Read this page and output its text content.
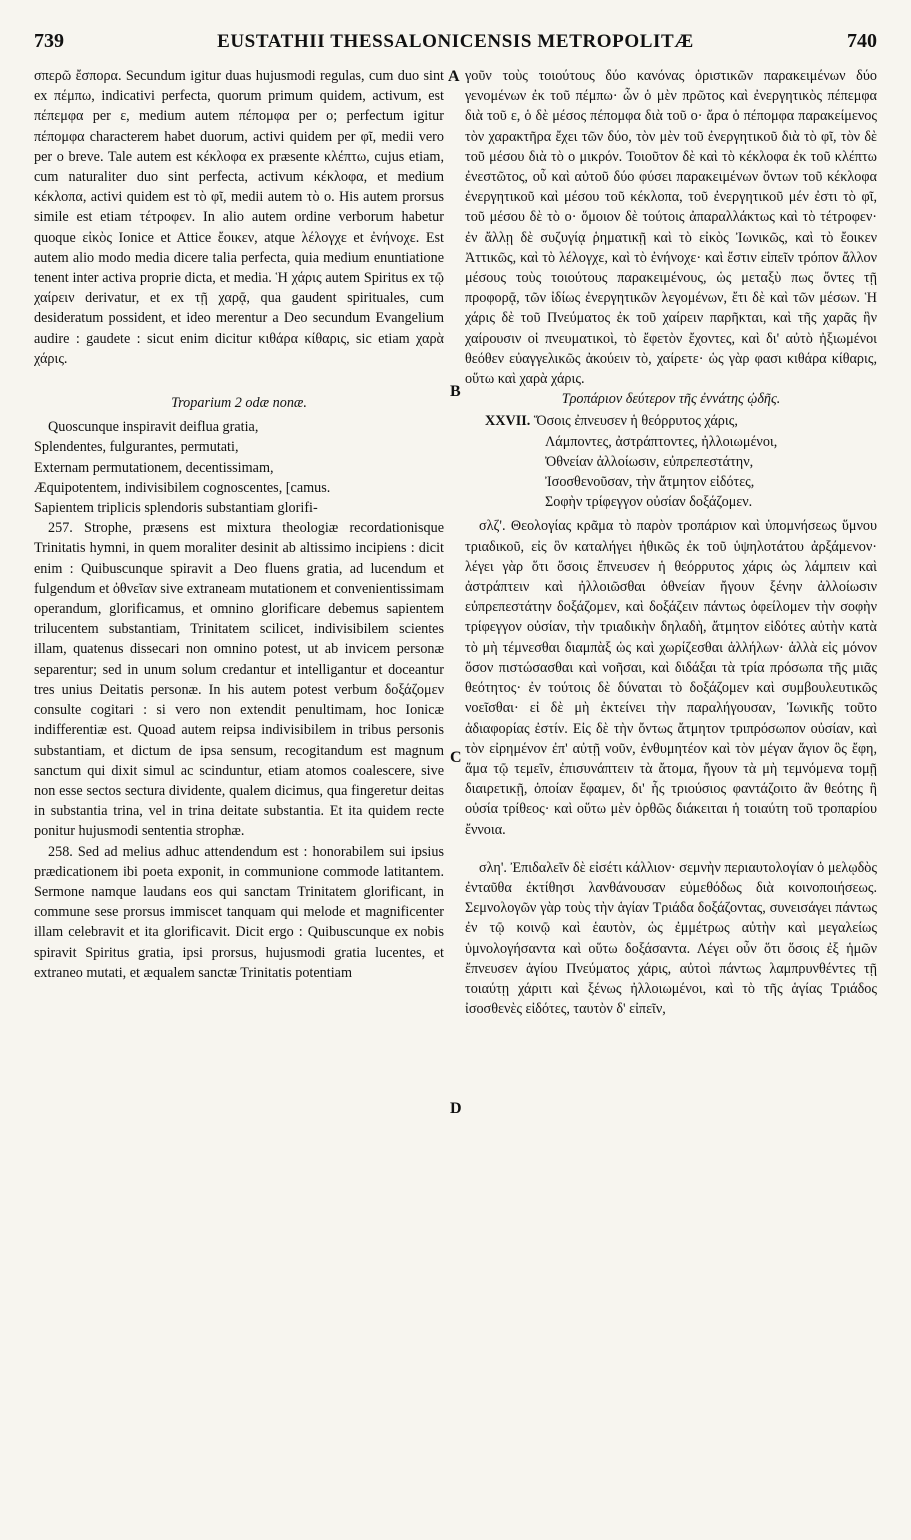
739	EUSTATHII THESSALONICENSIS METROPOLITÆ	740

σπερῶ ἔσπορα. Secundum igitur duas hujusmodi regulas, cum duo sint ex πέμπω, indicativi perfecta, quorum primum quidem, activum, est πέπεμφα per ε, medium autem πέπομφα per ο; perfectum igitur πέπομφα characterem habet duorum, activi quidem per φῖ, medii vero per ο breve. Tale autem est κέκλοφα ex præsente κλέπτω, cujus etiam, cum naturaliter duo sint perfecta, activum κέκλοφα, et medium κέκλοπα, activi quidem est τὸ φῖ, medii autem τὸ ο. His autem prorsus simile est etiam τέτροφεν. In alio autem ordine verborum habetur quoque εἰκὸς Ionice et Attice ἔοικεν, atque λέλογχε et ἐνήνοχε. Est autem alio modo media dicere talia perfecta, quia medium enuntiatione tenent inter activa proprie dicta, et media. Ἡ χάρις autem Spiritus ex τῷ χαίρειν derivatur, et ex τῇ χαρᾷ, qua gaudent spirituales, cum desideratum possident, et ideo merentur a Deo secundum Evangelium audire : gaudete : sicut enim dicitur κιθάρα κίθαρις, sic etiam χαρὰ χάρις.

Troparium 2 odæ nonæ.

Quoscunque inspiravit deiflua gratia,
Splendentes, fulgurantes, permutati,
Externam permutationem, decentissimam,
Æquipotentem, indivisibilem cognoscentes, [camus.
Sapientem triplicis splendoris substantiam glorifi-

257. Strophe, præsens est mixtura theologiæ recordationisque Trinitatis hymni, in quem moraliter desinit ab altissimo incipiens : dicit enim : Quibuscunque spiravit a Deo fluens gratia, ad lucendum et fulgendum et ὀθνεῖαν sive extraneam mutationem et convenientissimam operandum, glorificamus, et omnino glorificare debemus sapientem trilucentem substantiam, Trinitatem scilicet, indivisibilem scientes illam, quatenus dissecari non omnino potest, ut ab invicem personæ separentur; sed in unum solum credantur et intelligantur et doceantur tres unius Deitatis personæ. In his autem potest verbum δοξάζομεν consulte cogitari : si vero non extendit penultimam, hoc Ionicæ indifferentiæ est. Quoad autem reipsa indivisibilem in tribus personis substantiam, et dictum de ipsa sensum, recogitandum est magnum sanctum qui dixit simul ac scinduntur, etiam atomos coalescere, sive non esse sectos sectura dividente, qualem dicimus, qua fingeretur deitas in substantia trina, vel in trina deitate substantia. Et ita quidem recte ponitur hujusmodi sententia strophæ.

258. Sed ad melius adhuc attendendum est : honorabilem sui ipsius prædicationem ibi poeta exponit, in communione commode latitantem. Sermone namque laudans eos qui sanctam Trinitatem glorificant, in commune sese prorsus immiscet tanquam qui melode et magnificenter illam celebravit et ita glorificavit. Dicit ergo : Quibuscunque ex nobis spiravit Spiritus gratia, ipsi prorsus, hujusmodi gratia lucentes, et extraneo mutati, et æqualem sanctæ Trinitatis potentiam

A
B
C
D

γοῦν τοὺς τοιούτους δύο κανόνας ὁριστικῶν παρακειμένων δύο γενομένων ἐκ τοῦ πέμπω· ὧν ὁ μὲν πρῶτος καὶ ἐνεργητικὸς πέπεμφα διὰ τοῦ ε, ὁ δὲ μέσος πέπομφα διὰ τοῦ ο· ἄρα ὁ πέπομφα παρακείμενος τὸν χαρακτῆρα ἔχει τῶν δύο, τὸν μὲν τοῦ ἐνεργητικοῦ διὰ τὸ φῖ, τὸν δὲ τοῦ μέσου διὰ τὸ ο μικρόν. Τοιοῦτον δὲ καὶ τὸ κέκλοφα ἐκ τοῦ κλέπτω ἐνεστῶτος, οὗ καὶ αὐτοῦ δύο φύσει παρακειμένων ὄντων τοῦ κέκλοφα ἐνεργητικοῦ καὶ μέσου τοῦ κέκλοπα, τοῦ ἐνεργητικοῦ μέν ἐστι τὸ φῖ, τοῦ μέσου δὲ τὸ ο· ὅμοιον δὲ τούτοις ἀπαραλλάκτως καὶ τὸ τέτροφεν· ἐν ἄλλῃ δὲ συζυγίᾳ ῥηματικῇ καὶ τὸ εἰκὸς Ἰωνικῶς, καὶ τὸ ἔοικεν Ἀττικῶς, καὶ τὸ λέλογχε, καὶ τὸ ἐνήνοχε· καὶ ἔστιν εἰπεῖν τρόπον ἄλλον μέσους τοὺς τοιούτους παρακειμένους, ὡς μεταξὺ πως ὄντες τῇ προφορᾷ, τῶν ἰδίως ἐνεργητικῶν λεγομένων, ἔτι δὲ καὶ τῶν μέσων. Ἡ χάρις δὲ τοῦ Πνεύματος ἐκ τοῦ χαίρειν παρῆκται, καὶ τῆς χαρᾶς ἣν χαίρουσιν οἱ πνευματικοὶ, τὸ ἔφετὸν ἔχοντες, καὶ δι' αὐτὸ ἠξιωμένοι θεόθεν εὐαγγελικῶς ἀκούειν τὸ, χαίρετε· ὡς γὰρ φασι κιθάρα κίθαρις, οὕτω καὶ χαρὰ χάρις.

Τροπάριον δεύτερον τῆς ἐννάτης ᾠδῆς.

XXVII. Ὅσοις ἐπνευσεν ἡ θεόρρυτος χάρις,
Λάμποντες, ἀστράπτοντες, ἠλλοιωμένοι,
Ὀθνείαν ἀλλοίωσιν, εὐπρεπεστάτην,
Ἰσοσθενοῦσαν, τὴν ἄτμητον εἰδότες,
Σοφὴν τρίφεγγον οὐσίαν δοξάζομεν.

σλζ'. Θεολογίας κρᾶμα τὸ παρὸν τροπάριον καὶ ὑπομνήσεως ὕμνου τριαδικοῦ, εἰς ὃν καταλήγει ἠθικῶς ἐκ τοῦ ὑψηλοτάτου ἀρξάμενον· λέγει γὰρ ὅτι ὅσοις ἔπνευσεν ἡ θεόρρυτος χάρις ὡς λάμπειν καὶ ἀστράπτειν καὶ ἠλλοιῶσθαι ὀθνείαν ἤγουν ξένην ἀλλοίωσιν εὐπρεπεστάτην δοξάζομεν, καὶ δοξάζειν πάντως ὀφείλομεν τὴν σοφὴν τρίφεγγον οὐσίαν, τὴν τριαδικὴν δηλαδὴ, ἄτμητον εἰδότες αὐτὴν κατὰ τὸ μὴ τέμνεσθαι διαμπὰξ ὡς καὶ χωρίζεσθαι ἀλλήλων· ἀλλὰ εἰς μόνον ὅσον πιστώσασθαι καὶ νοῆσαι, καὶ διδάξαι τὰ τρία πρόσωπα τῆς μιᾶς θεότητος· ἐν τούτοις δὲ δύναται τὸ δοξάζομεν καὶ συμβουλευτικῶς νοεῖσθαι· εἰ δὲ μὴ ἐκτείνει τὴν παραλήγουσαν, Ἰωνικῆς τοῦτο ἀδιαφορίας ἐστίν. Εἰς δὲ τὴν ὄντως ἄτμητον τριπρόσωπον οὐσίαν, καὶ τὸν εἰρημένον ἐπ' αὐτῇ νοῦν, ἐνθυμητέον καὶ τὸν μέγαν ἅγιον ὃς ἔφη, ἅμα τῷ τεμεῖν, ἐπισυνάπτειν τὰ ἄτομα, ἤγουν τὰ μὴ τεμνόμενα τομῇ διαιρετικῇ, ὁποίαν ἔφαμεν, δι' ἧς τριούσιος φαντάζοιτο ἂν θεότης ἢ οὐσία τρίθεος· καὶ οὕτω μὲν ὀρθῶς διάκειται ἡ τοιαύτη τοῦ τροπαρίου ἔννοια.

σλη'. Ἐπιδαλεῖν δὲ εἰσέτι κάλλιον· σεμνὴν περιαυτολογίαν ὁ μελῳδὸς ἐνταῦθα ἐκτίθησι λανθάνουσαν εὐμεθόδως διὰ κοινοποιήσεως. Σεμνολογῶν γὰρ τοὺς τὴν ἁγίαν Τριάδα δοξάζοντας, συνεισάγει πάντως ἐν τῷ κοινῷ καὶ ἑαυτὸν, ὡς ἐμμέτρως αὐτὴν καὶ μεγαλείως ὑμνολογήσαντα καὶ οὕτω δοξάσαντα. Λέγει οὖν ὅτι ὅσοις ἐξ ἡμῶν ἔπνευσεν ἁγίου Πνεύματος χάρις, αὐτοὶ πάντως λαμπρυνθέντες τῇ τοιαύτῃ χάριτι καὶ ξένως ἠλλοιωμένοι, καὶ τὸ τῆς ἁγίας Τριάδος ἰσοσθενὲς εἰδότες, ταυτὸν δ' εἰπεῖν,
